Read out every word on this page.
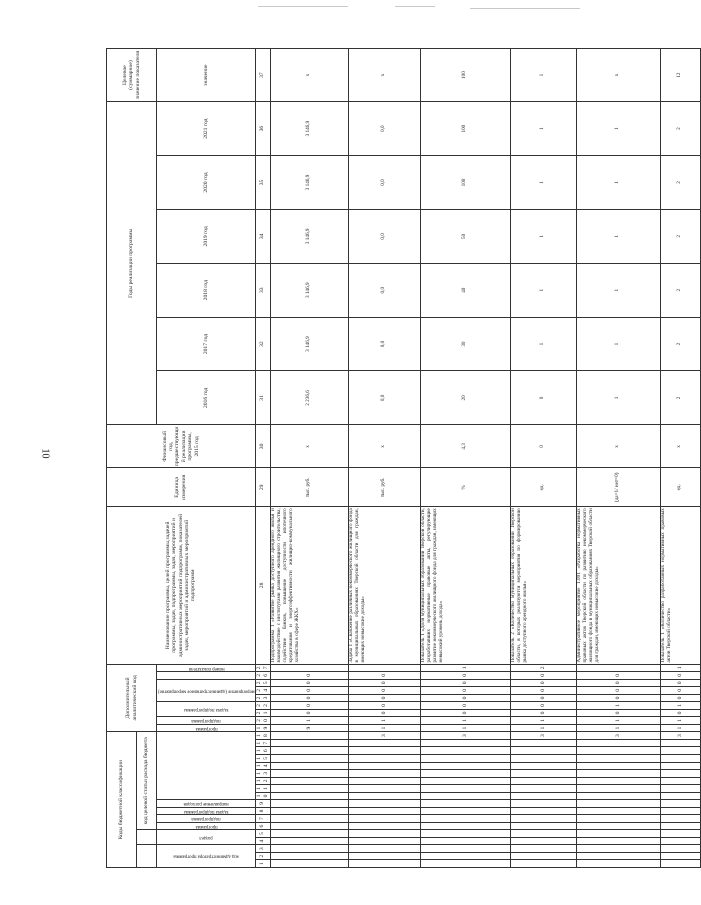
10
Коды бюджетной классификации																		Дополнительный аналитический код									Наименование программы, целей программы,задачей программы, задач, подпрограммы, задач, мероприятий и административных мероприятий подпрограмм, показателей задач, мероприятий и административных мероприятий подпрограмм	Единица измерения	Финансовый год, предшествующий реализации программы, 2015 год	Годы реализации программы						Целевое (суммарное) значение показателя
					код целевой статьи расхода бюджета																															
код администратора программы			раздел		программа	подпрограмма	задача подпрограммы	направление расходов										программа	подпрограмма	задача подпрограммы		мероприятие (административное мероприятие)				номер показателя				2016 год	2017 год	2018 год	2019 год	2020 год	2021 год	значение
1	2	3	4	5	6	7	8	9	10	11	12	13	14	15	16	17	18	19	20	21	22	23	24	25	26	27	28	29	30	31	32	33	34	35	36	37
																		9	1	0	0	0	0	0	0		Подпрограмма 1 «Развитие рынка доступного арендного жилья и взаимодействие с институтами развития жилищного строительства, содействие банков, повышение доступности ипотечного кредитования и энергоэффективности жилищно-коммунального хозяйства в сфере ЖКХ»	тыс. руб.	х	2 236,6	3 146,9	3 146,9	3 146,9	3 146,9	3 146,9	х
																	3	1	1	0	0	0	0	0	0		Задача 1 «Снабжение различных некоммерческого жилищного фонда в муниципальных образованиях Тверской области для граждан, имеющих невысокие доходы»	тыс. руб.	х	0,0	0,0	0,0	0,0	0,0	0,0	х
																	3	1	1	0	0	0	0	0	0	1	Показатель 1 «Доля муниципальных образований Тверской области, разработавших нормативные правовые акты, регулирующие развитие некоммерческого жилищного фонда для граждан, имеющих невысокий уровень дохода»	%	4,3	20	30	40	50	100	100	100
																	3	1	1	0	0	0	0	0	0	2	Показатель 2 «Количество муниципальных образований Тверской области, в которых реализуются мероприятия по формированию рынка доступного арендного жилья»	ед.	0	0	1	1	1	1	1	1
																	3	1	1	0	1	0	0	0	0		Административное мероприятие 1.001 «Разработка нормативных правовых актов Тверской области по развитию некоммерческого жилищного фонда в муниципальных образованиях Тверской области для граждан, имеющих невысокие доходы»	(да=1/ нет=0)	х	1	1	1	1	1	1	х
																	3	1	1	0	1	0	0	0	0	1	Показатель 1 «Количество разработанных нормативных правовых актов Тверской области»	ед.	х	2	2	2	2	2	2	12
